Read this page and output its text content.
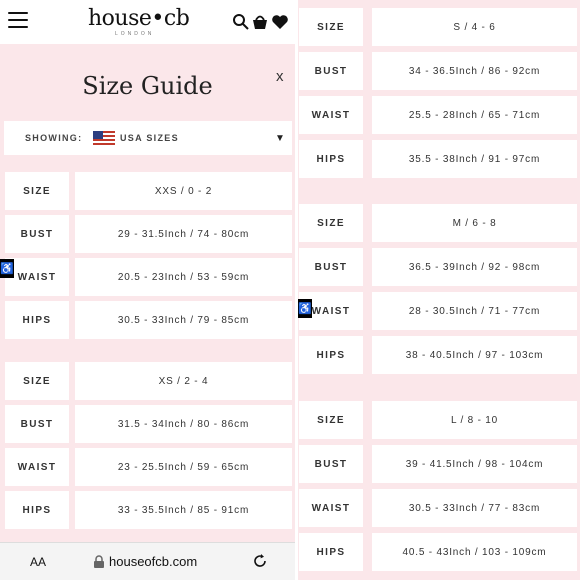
house•cb
LONDON
Size Guide	x
SHOWING:	USA SIZES	▼
SIZE	XXS / 0 - 2
BUST	29 - 31.5Inch / 74 - 80cm
WAIST	20.5 - 23Inch / 53 - 59cm
HIPS	30.5 - 33Inch / 79 - 85cm
SIZE	XS / 2 - 4
BUST	31.5 - 34Inch / 80 - 86cm
WAIST	23 - 25.5Inch / 59 - 65cm
HIPS	33 - 35.5Inch / 85 - 91cm
♿
AA	houseofcb.com
SIZE	S / 4 - 6
BUST	34 - 36.5Inch / 86 - 92cm
WAIST	25.5 - 28Inch / 65 - 71cm
HIPS	35.5 - 38Inch / 91 - 97cm
SIZE	M / 6 - 8
BUST	36.5 - 39Inch / 92 - 98cm
WAIST	28 - 30.5Inch / 71 - 77cm
HIPS	38 - 40.5Inch / 97 - 103cm
SIZE	L / 8 - 10
BUST	39 - 41.5Inch / 98 - 104cm
WAIST	30.5 - 33Inch / 77 - 83cm
HIPS	40.5 - 43Inch / 103 - 109cm
♿
